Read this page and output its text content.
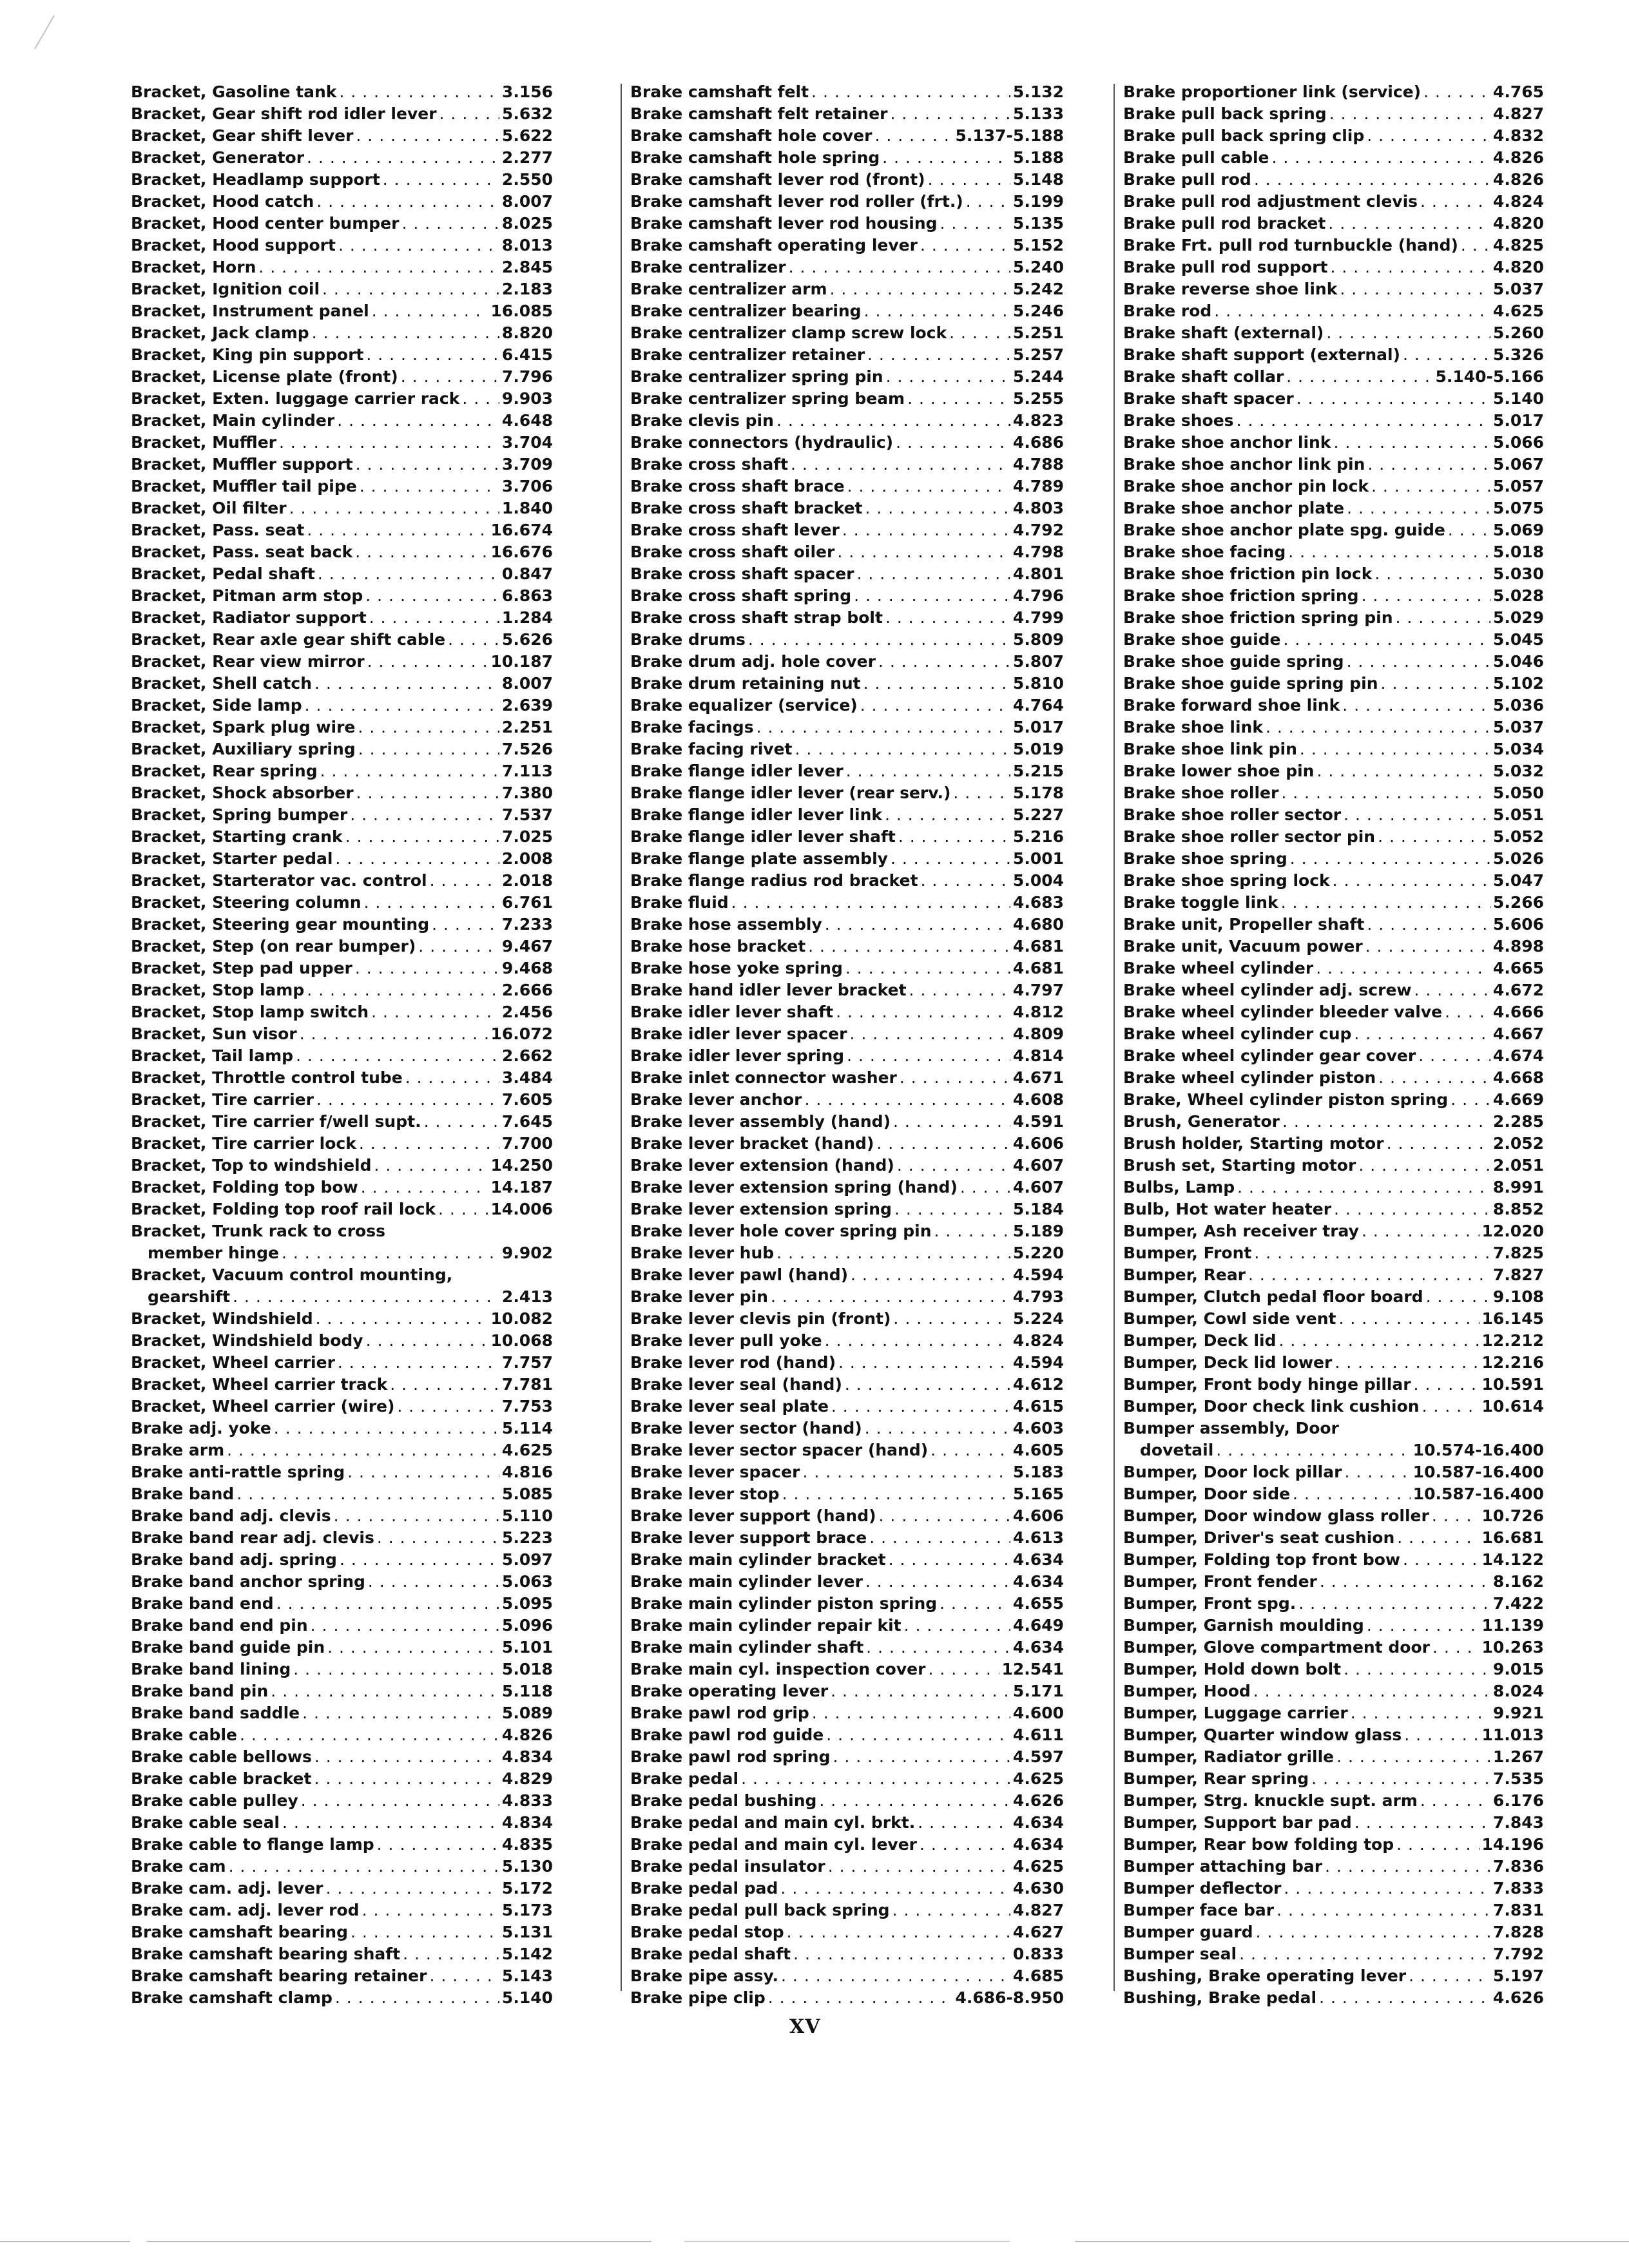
Bracket, Gasoline tank . . .	3.156
Bracket, Gear shift rod idler lever . . .	5.632
Bracket, Gear shift lever . . .	5.622
Bracket, Generator . . .	2.277
Bracket, Headlamp support . . .	2.550
Bracket, Hood catch . . .	8.007
Bracket, Hood center bumper . . .	8.025
Bracket, Hood support . . .	8.013
Bracket, Horn . . .	2.845
Bracket, Ignition coil . . .	2.183
Bracket, Instrument panel . . .	16.085
Bracket, Jack clamp . . .	8.820
Bracket, King pin support . . .	6.415
Bracket, License plate (front) . . .	7.796
Bracket, Exten. luggage carrier rack . . .	9.903
Bracket, Main cylinder . . .	4.648
Bracket, Muffler . . .	3.704
Bracket, Muffler support . . .	3.709
Bracket, Muffler tail pipe . . .	3.706
Bracket, Oil filter . . .	1.840
Bracket, Pass. seat . . .	16.674
Bracket, Pass. seat back . . .	16.676
Bracket, Pedal shaft . . .	0.847
Bracket, Pitman arm stop . . .	6.863
Bracket, Radiator support . . .	1.284
Bracket, Rear axle gear shift cable . . .	5.626
Bracket, Rear view mirror . . .	10.187
Bracket, Shell catch . . .	8.007
Bracket, Side lamp . . .	2.639
Bracket, Spark plug wire . . .	2.251
Bracket, Auxiliary spring . . .	7.526
Bracket, Rear spring . . .	7.113
Bracket, Shock absorber . . .	7.380
Bracket, Spring bumper . . .	7.537
Bracket, Starting crank . . .	7.025
Bracket, Starter pedal . . .	2.008
Bracket, Starterator vac. control . . .	2.018
Bracket, Steering column . . .	6.761
Bracket, Steering gear mounting . . .	7.233
Bracket, Step (on rear bumper) . . .	9.467
Bracket, Step pad upper . . .	9.468
Bracket, Stop lamp . . .	2.666
Bracket, Stop lamp switch . . .	2.456
Bracket, Sun visor . . .	16.072
Bracket, Tail lamp . . .	2.662
Bracket, Throttle control tube . . .	3.484
Bracket, Tire carrier . . .	7.605
Bracket, Tire carrier f/well supt. . . .	7.645
Bracket, Tire carrier lock . . .	7.700
Bracket, Top to windshield . . .	14.250
Bracket, Folding top bow . . .	14.187
Bracket, Folding top roof rail lock . . .	14.006
Bracket, Trunk rack to cross
member hinge . . .	9.902
Bracket, Vacuum control mounting,
gearshift . . .	2.413
Bracket, Windshield . . .	10.082
Bracket, Windshield body . . .	10.068
Bracket, Wheel carrier . . .	7.757
Bracket, Wheel carrier track . . .	7.781
Bracket, Wheel carrier (wire) . . .	7.753
Brake adj. yoke . . .	5.114
Brake arm . . .	4.625
Brake anti-rattle spring . . .	4.816
Brake band . . .	5.085
Brake band adj. clevis . . .	5.110
Brake band rear adj. clevis . . .	5.223
Brake band adj. spring . . .	5.097
Brake band anchor spring . . .	5.063
Brake band end . . .	5.095
Brake band end pin . . .	5.096
Brake band guide pin . . .	5.101
Brake band lining . . .	5.018
Brake band pin . . .	5.118
Brake band saddle . . .	5.089
Brake cable . . .	4.826
Brake cable bellows . . .	4.834
Brake cable bracket . . .	4.829
Brake cable pulley . . .	4.833
Brake cable seal . . .	4.834
Brake cable to flange lamp . . .	4.835
Brake cam . . .	5.130
Brake cam. adj. lever . . .	5.172
Brake cam. adj. lever rod . . .	5.173
Brake camshaft bearing . . .	5.131
Brake camshaft bearing shaft . . .	5.142
Brake camshaft bearing retainer . . .	5.143
Brake camshaft clamp . . .	5.140
Brake camshaft felt . . .	5.132
Brake camshaft felt retainer . . .	5.133
Brake camshaft hole cover . . .	5.137-5.188
Brake camshaft hole spring . . .	5.188
Brake camshaft lever rod (front) . . .	5.148
Brake camshaft lever rod roller (frt.) . . .	5.199
Brake camshaft lever rod housing . . .	5.135
Brake camshaft operating lever . . .	5.152
Brake centralizer . . .	5.240
Brake centralizer arm . . .	5.242
Brake centralizer bearing . . .	5.246
Brake centralizer clamp screw lock . . .	5.251
Brake centralizer retainer . . .	5.257
Brake centralizer spring pin . . .	5.244
Brake centralizer spring beam . . .	5.255
Brake clevis pin . . .	4.823
Brake connectors (hydraulic) . . .	4.686
Brake cross shaft . . .	4.788
Brake cross shaft brace . . .	4.789
Brake cross shaft bracket . . .	4.803
Brake cross shaft lever . . .	4.792
Brake cross shaft oiler . . .	4.798
Brake cross shaft spacer . . .	4.801
Brake cross shaft spring . . .	4.796
Brake cross shaft strap bolt . . .	4.799
Brake drums . . .	5.809
Brake drum adj. hole cover . . .	5.807
Brake drum retaining nut . . .	5.810
Brake equalizer (service) . . .	4.764
Brake facings . . .	5.017
Brake facing rivet . . .	5.019
Brake flange idler lever . . .	5.215
Brake flange idler lever (rear serv.) . . .	5.178
Brake flange idler lever link . . .	5.227
Brake flange idler lever shaft . . .	5.216
Brake flange plate assembly . . .	5.001
Brake flange radius rod bracket . . .	5.004
Brake fluid . . .	4.683
Brake hose assembly . . .	4.680
Brake hose bracket . . .	4.681
Brake hose yoke spring . . .	4.681
Brake hand idler lever bracket . . .	4.797
Brake idler lever shaft . . .	4.812
Brake idler lever spacer . . .	4.809
Brake idler lever spring . . .	4.814
Brake inlet connector washer . . .	4.671
Brake lever anchor . . .	4.608
Brake lever assembly (hand) . . .	4.591
Brake lever bracket (hand) . . .	4.606
Brake lever extension (hand) . . .	4.607
Brake lever extension spring (hand) . . .	4.607
Brake lever extension spring . . .	5.184
Brake lever hole cover spring pin . . .	5.189
Brake lever hub . . .	5.220
Brake lever pawl (hand) . . .	4.594
Brake lever pin . . .	4.793
Brake lever clevis pin (front) . . .	5.224
Brake lever pull yoke . . .	4.824
Brake lever rod (hand) . . .	4.594
Brake lever seal (hand) . . .	4.612
Brake lever seal plate . . .	4.615
Brake lever sector (hand) . . .	4.603
Brake lever sector spacer (hand) . . .	4.605
Brake lever spacer . . .	5.183
Brake lever stop . . .	5.165
Brake lever support (hand) . . .	4.606
Brake lever support brace . . .	4.613
Brake main cylinder bracket . . .	4.634
Brake main cylinder lever . . .	4.634
Brake main cylinder piston spring . . .	4.655
Brake main cylinder repair kit . . .	4.649
Brake main cylinder shaft . . .	4.634
Brake main cyl. inspection cover . . .	12.541
Brake operating lever . . .	5.171
Brake pawl rod grip . . .	4.600
Brake pawl rod guide . . .	4.611
Brake pawl rod spring . . .	4.597
Brake pedal . . .	4.625
Brake pedal bushing . . .	4.626
Brake pedal and main cyl. brkt. . . .	4.634
Brake pedal and main cyl. lever . . .	4.634
Brake pedal insulator . . .	4.625
Brake pedal pad . . .	4.630
Brake pedal pull back spring . . .	4.827
Brake pedal stop . . .	4.627
Brake pedal shaft . . .	0.833
Brake pipe assy. . . .	4.685
Brake pipe clip . . .	4.686-8.950
Brake proportioner link (service) . . .	4.765
Brake pull back spring . . .	4.827
Brake pull back spring clip . . .	4.832
Brake pull cable . . .	4.826
Brake pull rod . . .	4.826
Brake pull rod adjustment clevis . . .	4.824
Brake pull rod bracket . . .	4.820
Brake Frt. pull rod turnbuckle (hand) . . . 4.825
Brake pull rod support . . .	4.820
Brake reverse shoe link . . .	5.037
Brake rod . . .	4.625
Brake shaft (external) . . .	5.260
Brake shaft support (external) . . .	5.326
Brake shaft collar . . .	5.140-5.166
Brake shaft spacer . . .	5.140
Brake shoes . . .	5.017
Brake shoe anchor link . . .	5.066
Brake shoe anchor link pin . . .	5.067
Brake shoe anchor pin lock . . .	5.057
Brake shoe anchor plate . . .	5.075
Brake shoe anchor plate spg. guide . . .	5.069
Brake shoe facing . . .	5.018
Brake shoe friction pin lock . . .	5.030
Brake shoe friction spring . . .	5.028
Brake shoe friction spring pin . . .	5.029
Brake shoe guide . . .	5.045
Brake shoe guide spring . . .	5.046
Brake shoe guide spring pin . . .	5.102
Brake forward shoe link . . .	5.036
Brake shoe link . . .	5.037
Brake shoe link pin . . .	5.034
Brake lower shoe pin . . .	5.032
Brake shoe roller . . .	5.050
Brake shoe roller sector . . .	5.051
Brake shoe roller sector pin . . .	5.052
Brake shoe spring . . .	5.026
Brake shoe spring lock . . .	5.047
Brake toggle link . . .	5.266
Brake unit, Propeller shaft . . .	5.606
Brake unit, Vacuum power . . .	4.898
Brake wheel cylinder . . .	4.665
Brake wheel cylinder adj. screw . . .	4.672
Brake wheel cylinder bleeder valve . . .	4.666
Brake wheel cylinder cup . . .	4.667
Brake wheel cylinder gear cover . . .	4.674
Brake wheel cylinder piston . . .	4.668
Brake, Wheel cylinder piston spring . . .	4.669
Brush, Generator . . .	2.285
Brush holder, Starting motor . . .	2.052
Brush set, Starting motor . . .	2.051
Bulbs, Lamp . . .	8.991
Bulb, Hot water heater . . .	8.852
Bumper, Ash receiver tray . . .	12.020
Bumper, Front . . .	7.825
Bumper, Rear . . .	7.827
Bumper, Clutch pedal floor board . . .	9.108
Bumper, Cowl side vent . . .	16.145
Bumper, Deck lid . . .	12.212
Bumper, Deck lid lower . . .	12.216
Bumper, Front body hinge pillar . . .	10.591
Bumper, Door check link cushion . . .	10.614
Bumper assembly, Door
dovetail . . .	10.574-16.400
Bumper, Door lock pillar . . .	10.587-16.400
Bumper, Door side . . .	10.587-16.400
Bumper, Door window glass roller . . .	10.726
Bumper, Driver's seat cushion . . .	16.681
Bumper, Folding top front bow . . .	14.122
Bumper, Front fender . . .	8.162
Bumper, Front spg. . . .	7.422
Bumper, Garnish moulding . . .	11.139
Bumper, Glove compartment door . . .	10.263
Bumper, Hold down bolt . . .	9.015
Bumper, Hood . . .	8.024
Bumper, Luggage carrier . . .	9.921
Bumper, Quarter window glass . . .	11.013
Bumper, Radiator grille . . .	1.267
Bumper, Rear spring . . .	7.535
Bumper, Strg. knuckle supt. arm . . .	6.176
Bumper, Support bar pad . . .	7.843
Bumper, Rear bow folding top . . .	14.196
Bumper attaching bar . . .	7.836
Bumper deflector . . .	7.833
Bumper face bar . . .	7.831
Bumper guard . . .	7.828
Bumper seal . . .	7.792
Bushing, Brake operating lever . . .	5.197
Bushing, Brake pedal . . .	4.626
XV
